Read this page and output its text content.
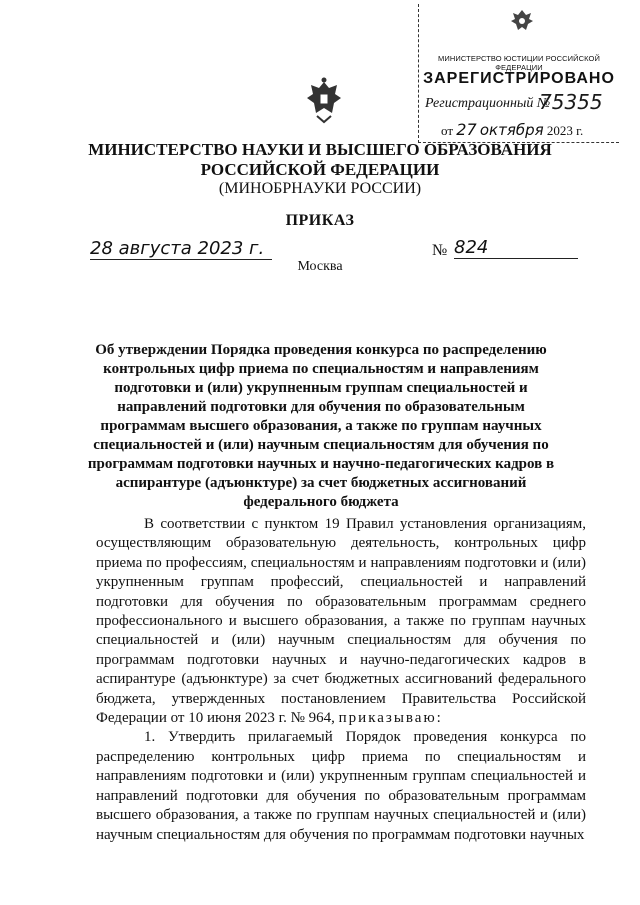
МИНИСТЕРСТВО ЮСТИЦИИ РОССИЙСКОЙ ФЕДЕРАЦИИ
ЗАРЕГИСТРИРОВАНО
Регистрационный №
75355
от 27 октября 2023 г.
МИНИСТЕРСТВО НАУКИ И ВЫСШЕГО ОБРАЗОВАНИЯ
РОССИЙСКОЙ ФЕДЕРАЦИИ
(МИНОБРНАУКИ РОССИИ)
ПРИКАЗ
28 августа 2023 г.	№ 824
Москва
Об утверждении Порядка проведения конкурса по распределению контрольных цифр приема по специальностям и направлениям подготовки и (или) укрупненным группам специальностей и направлений подготовки для обучения по образовательным программам высшего образования, а также по группам научных специальностей и (или) научным специальностям для обучения по программам подготовки научных и научно-педагогических кадров в аспирантуре (адъюнктуре) за счет бюджетных ассигнований федерального бюджета

В соответствии с пунктом 19 Правил установления организациям, осуществляющим образовательную деятельность, контрольных цифр приема по профессиям, специальностям и направлениям подготовки и (или) укрупненным группам профессий, специальностей и направлений подготовки для обучения по образовательным программам среднего профессионального и высшего образования, а также по группам научных специальностей и (или) научным специальностям для обучения по программам подготовки научных и научно-педагогических кадров в аспирантуре (адъюнктуре) за счет бюджетных ассигнований федерального бюджета, утвержденных постановлением Правительства Российской Федерации от 10 июня 2023 г. № 964, приказываю:

1. Утвердить прилагаемый Порядок проведения конкурса по распределению контрольных цифр приема по специальностям и направлениям подготовки и (или) укрупненным группам специальностей и направлений подготовки для обучения по образовательным программам высшего образования, а также по группам научных специальностей и (или) научным специальностям для обучения по программам подготовки научных
